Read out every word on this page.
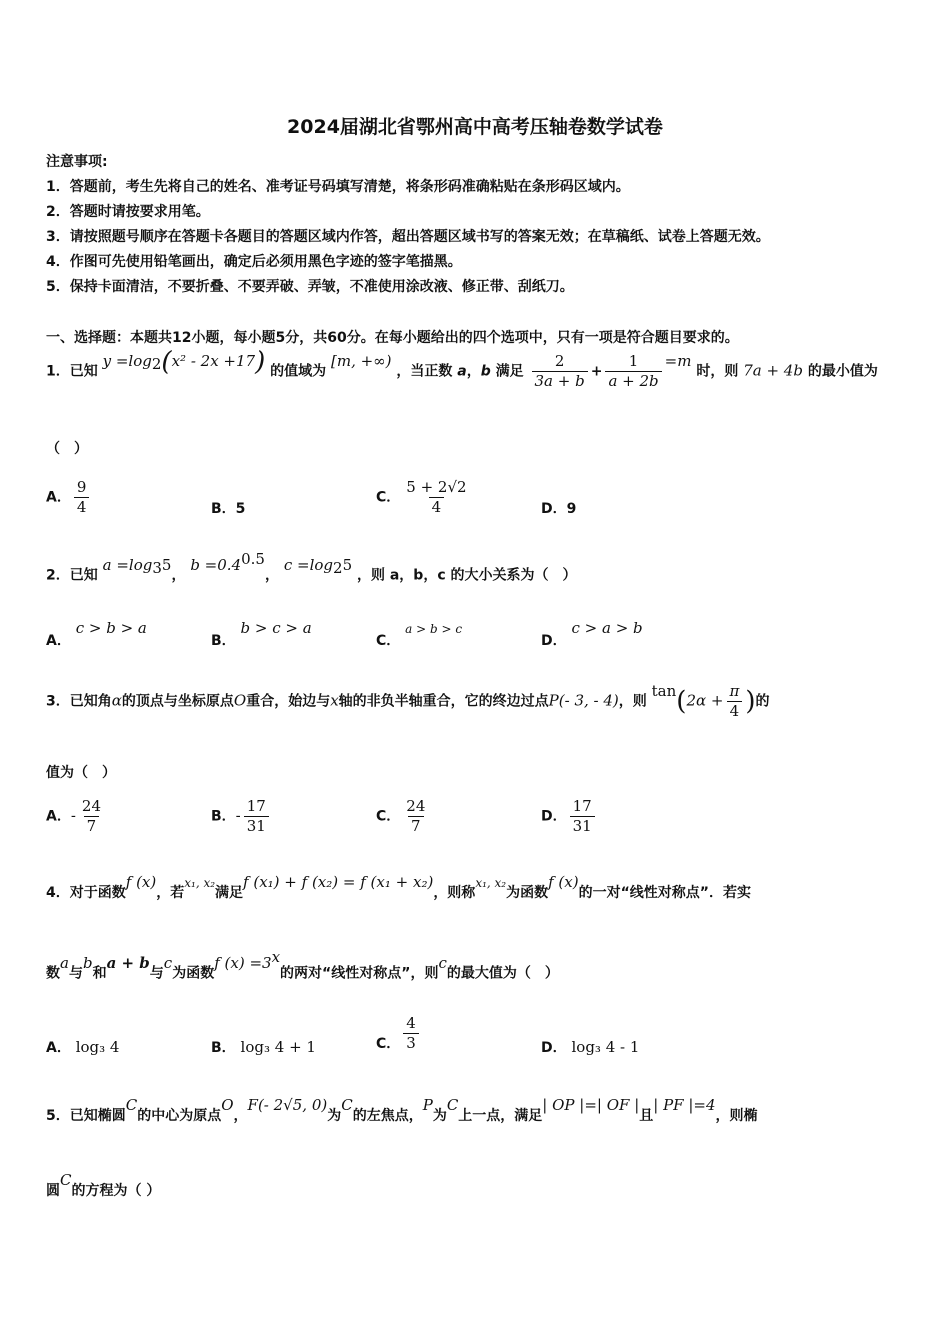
2024届湖北省鄂州高中高考压轴卷数学试卷
注意事项:
1．答题前，考生先将自己的姓名、准考证号码填写清楚，将条形码准确粘贴在条形码区域内。
2．答题时请按要求用笔。
3．请按照题号顺序在答题卡各题目的答题区域内作答，超出答题区域书写的答案无效；在草稿纸、试卷上答题无效。
4．作图可先使用铅笔画出，确定后必须用黑色字迹的签字笔描黑。
5．保持卡面清洁，不要折叠、不要弄破、弄皱，不准使用涂改液、修正带、刮纸刀。
一、选择题：本题共12小题，每小题5分，共60分。在每小题给出的四个选项中，只有一项是符合题目要求的。
1．已知 $y =\log_2(x^2 - 2x +17)$ 的值域为 [m, +∞) ，当正数 a，b 满足 $\frac{2}{3a + b} + \frac{1}{a + 2b} =m$ 时，则 7a + 4b 的最小值为
（　）
A． $\frac{9}{4}$	B．5
C． $\frac{5 + 2√2}{4}$	D．9
2．已知 $a =\log_35$， $b =0.4^{0.5}$， $c =\log_25$ ，则 a，b，c 的大小关系为（　）
A． c > b > a
B． b > c > a
C． a > b > c
D． c > a > b
3．已知角α的顶点与坐标原点O重合，始边与x轴的非负半轴重合，它的终边过点P(- 3, - 4)，则 $\tan(2\alpha + \frac{\pi}{4}$ )的
值为（　）
A．- $\frac{24}{7}$	B．- $\frac{17}{31}$	C． $\frac{24}{7}$	D． $\frac{17}{31}$
4．对于函数f (x)，若x₁, x₂满足f (x₁) + f (x₂) = f (x₁ + x₂)，则称x₁, x₂为函数f (x)的一对“线性对称点”．若实
数a与b和a + b与c为函数f $(x) =3^x$的两对“线性对称点”，则c的最大值为（　）
A． log₃ 4	B． log₃ 4 + 1	C． $\frac{4}{3}$	D． log₃ 4 - 1
5．已知椭圆C的中心为原点O，F(- 2√5, 0)为C的左焦点，P为C上一点，满足| OP |=| OF |且| PF |=4，则椭
圆C的方程为（ ）
